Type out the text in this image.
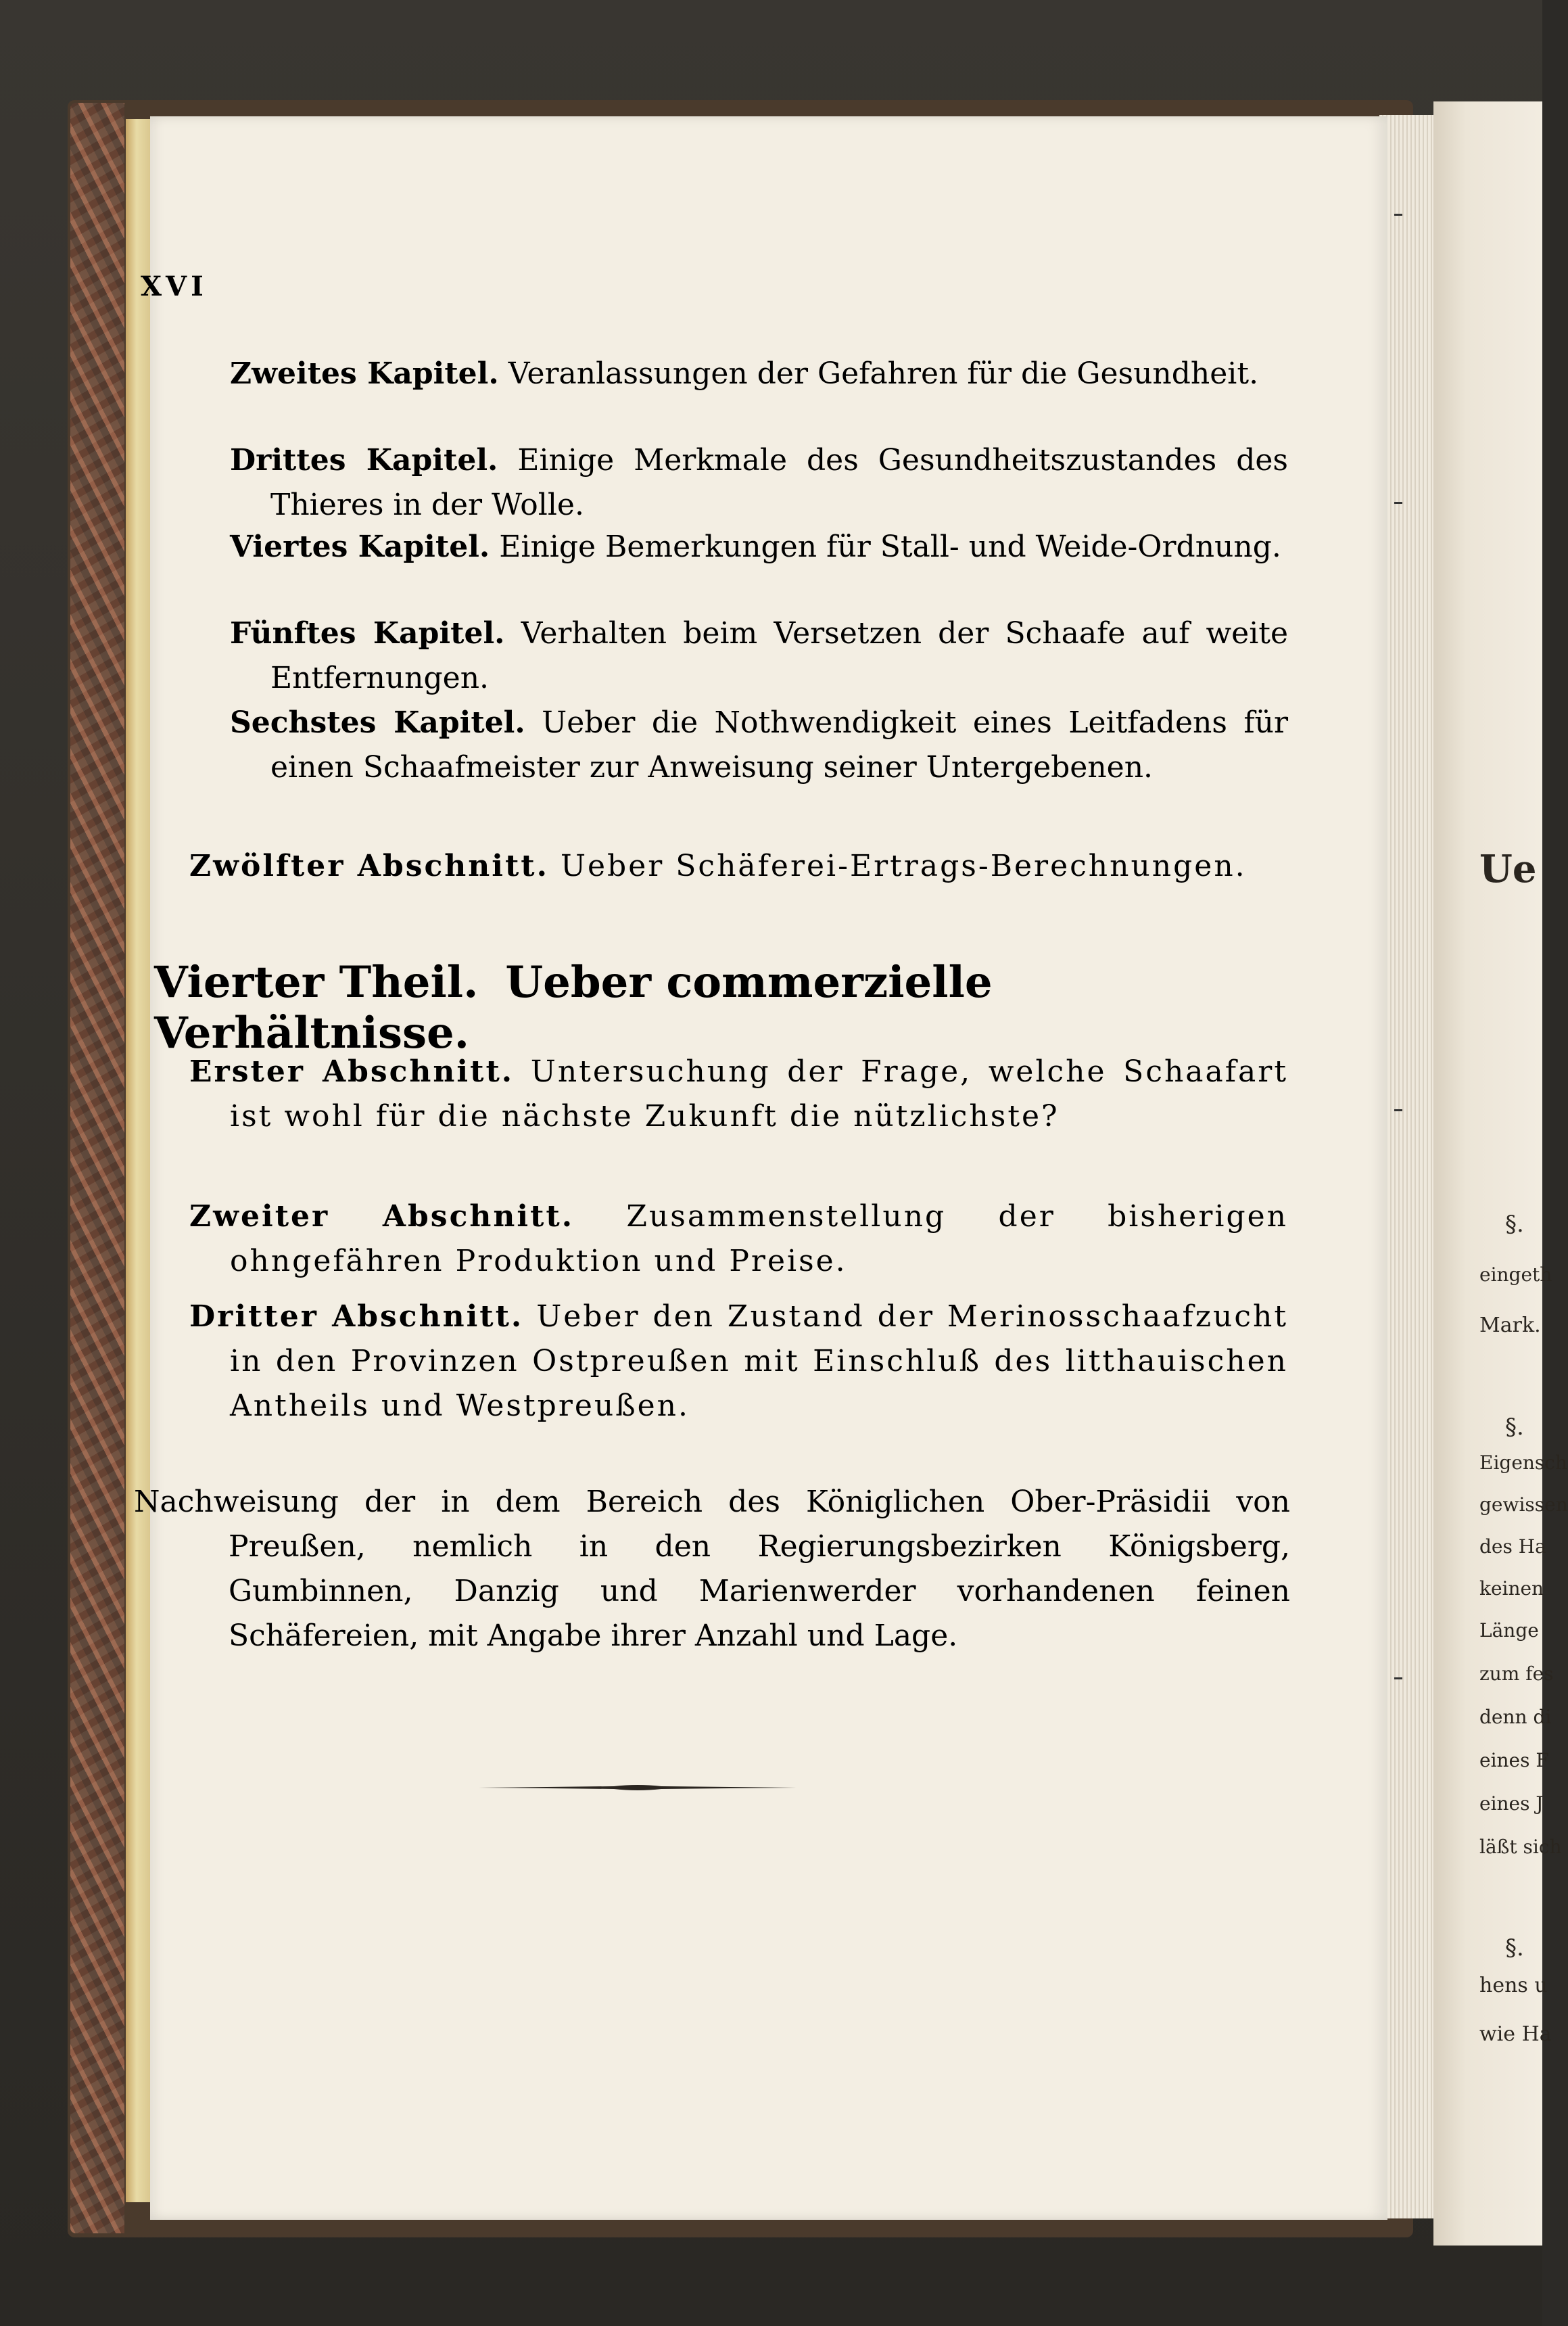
XVI
Zweites Kapitel. Veranlassungen der Gefahren für die Gesundheit.
Drittes Kapitel. Einige Merkmale des Gesundheitszustandes des Thieres in der Wolle.
Viertes Kapitel. Einige Bemerkungen für Stall- und Weide-Ordnung.
Fünftes Kapitel. Verhalten beim Versetzen der Schaafe auf weite Entfernungen.
Sechstes Kapitel. Ueber die Nothwendigkeit eines Leitfadens für einen Schaafmeister zur Anweisung seiner Untergebenen.
Zwölfter Abschnitt. Ueber Schäferei-Ertrags-Berechnungen.
Vierter Theil. Ueber commerzielle Verhältnisse.
Erster Abschnitt. Untersuchung der Frage, welche Schaafart ist wohl für die nächste Zukunft die nützlichste?
Zweiter Abschnitt. Zusammenstellung der bisherigen ohngefähren Produktion und Preise.
Dritter Abschnitt. Ueber den Zustand der Merinosschaafzucht in den Provinzen Ostpreußen mit Einschluß des litthauischen Antheils und Westpreußen.
Nachweisung der in dem Bereich des Königlichen Ober-Präsidii von Preußen, nemlich in den Regierungsbezirken Königsberg, Gumbinnen, Danzig und Marienwerder vorhandenen feinen Schäfereien, mit Angabe ihrer Anzahl und Lage.
Ue
§.
eingeth
Mark.
§.
Eigensch
gewissen
des Ha
keinen
Länge
zum fes
denn di
eines F
eines J
läßt sich
§.
hens u
wie Ha
